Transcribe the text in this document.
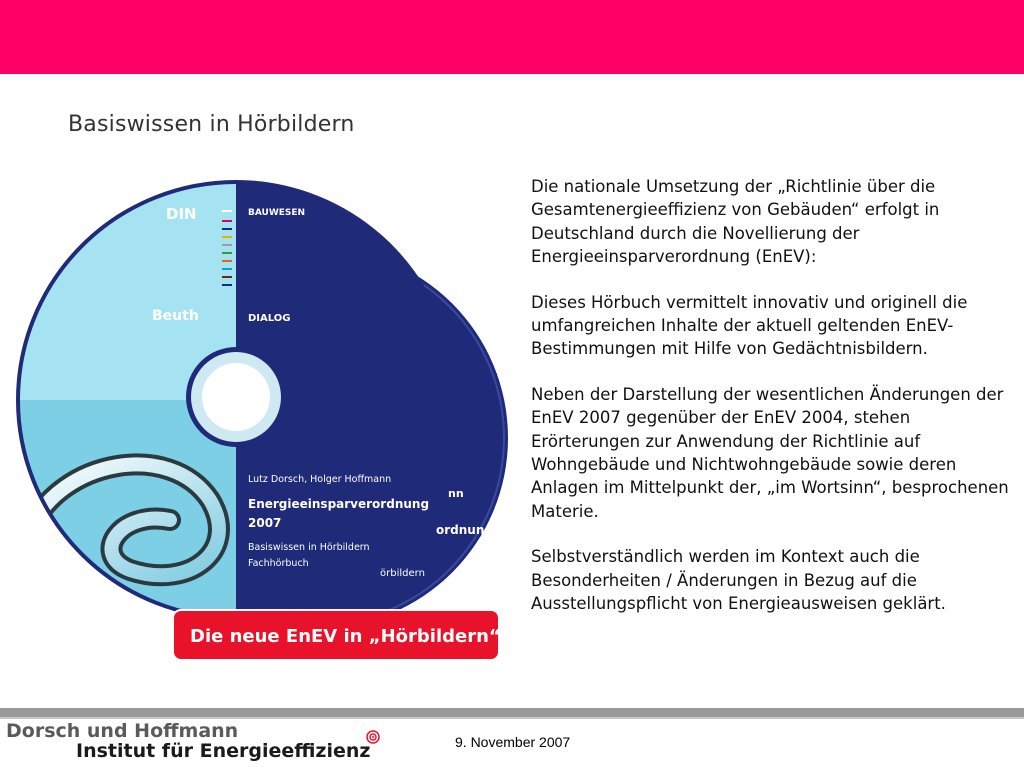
Basiswissen in Hörbildern
nn
ordnung
örbildern
DIN
Beuth
BAUWESEN
DIALOG
Lutz Dorsch, Holger Hoffmann
Energieeinsparverordnung
2007
Basiswissen in Hörbildern
Fachhörbuch
Die neue EnEV in „Hörbildern“

Die nationale Umsetzung der „Richtlinie über die Gesamtenergieeffizienz von Gebäuden“ erfolgt in Deutschland durch die Novellierung der Energieeinsparverordnung (EnEV):

Dieses Hörbuch vermittelt innovativ und originell die umfangreichen Inhalte der aktuell geltenden EnEV-Bestimmungen mit Hilfe von Gedächtnisbildern.

Neben der Darstellung der wesentlichen Änderungen der EnEV 2007 gegenüber der EnEV 2004, stehen Erörterungen zur Anwendung der Richtlinie auf Wohngebäude und Nichtwohngebäude sowie deren Anlagen im Mittelpunkt der, „im Wortsinn“, besprochenen Materie.

Selbstverständlich werden im Kontext auch die Besonderheiten / Änderungen in Bezug auf die Ausstellungspflicht von Energieausweisen geklärt.

Dorsch und Hoffmann
Institut für Energieeffizienz	9. November 2007
